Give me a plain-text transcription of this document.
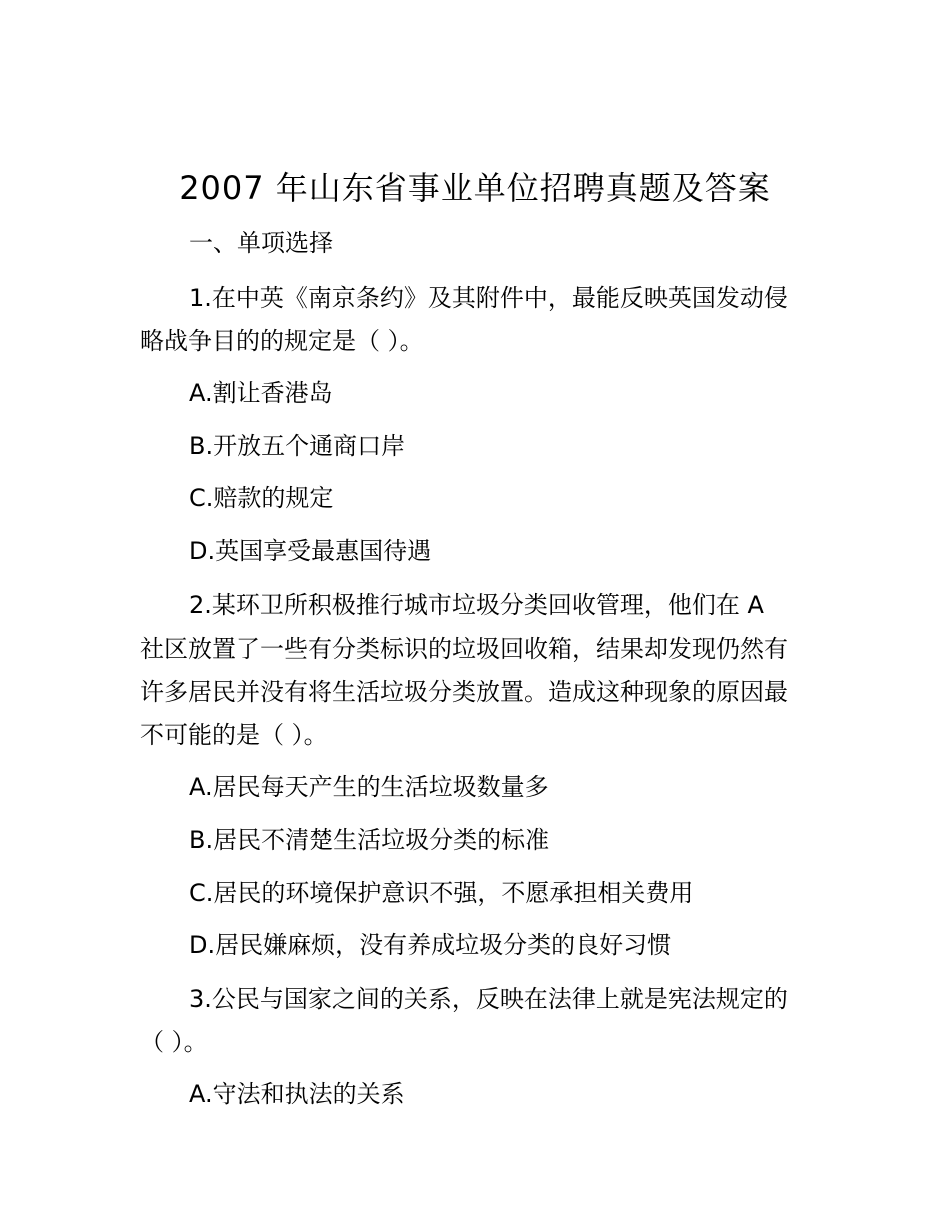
2007 年山东省事业单位招聘真题及答案
一、单项选择
1.在中英《南京条约》及其附件中，最能反映英国发动侵
略战争目的的规定是（ ）。
A.割让香港岛
B.开放五个通商口岸
C.赔款的规定
D.英国享受最惠国待遇
2.某环卫所积极推行城市垃圾分类回收管理，他们在 A
社区放置了一些有分类标识的垃圾回收箱，结果却发现仍然有
许多居民并没有将生活垃圾分类放置。造成这种现象的原因最
不可能的是（ ）。
A.居民每天产生的生活垃圾数量多
B.居民不清楚生活垃圾分类的标准
C.居民的环境保护意识不强，不愿承担相关费用
D.居民嫌麻烦，没有养成垃圾分类的良好习惯
3.公民与国家之间的关系，反映在法律上就是宪法规定的
（ ）。
A.守法和执法的关系
